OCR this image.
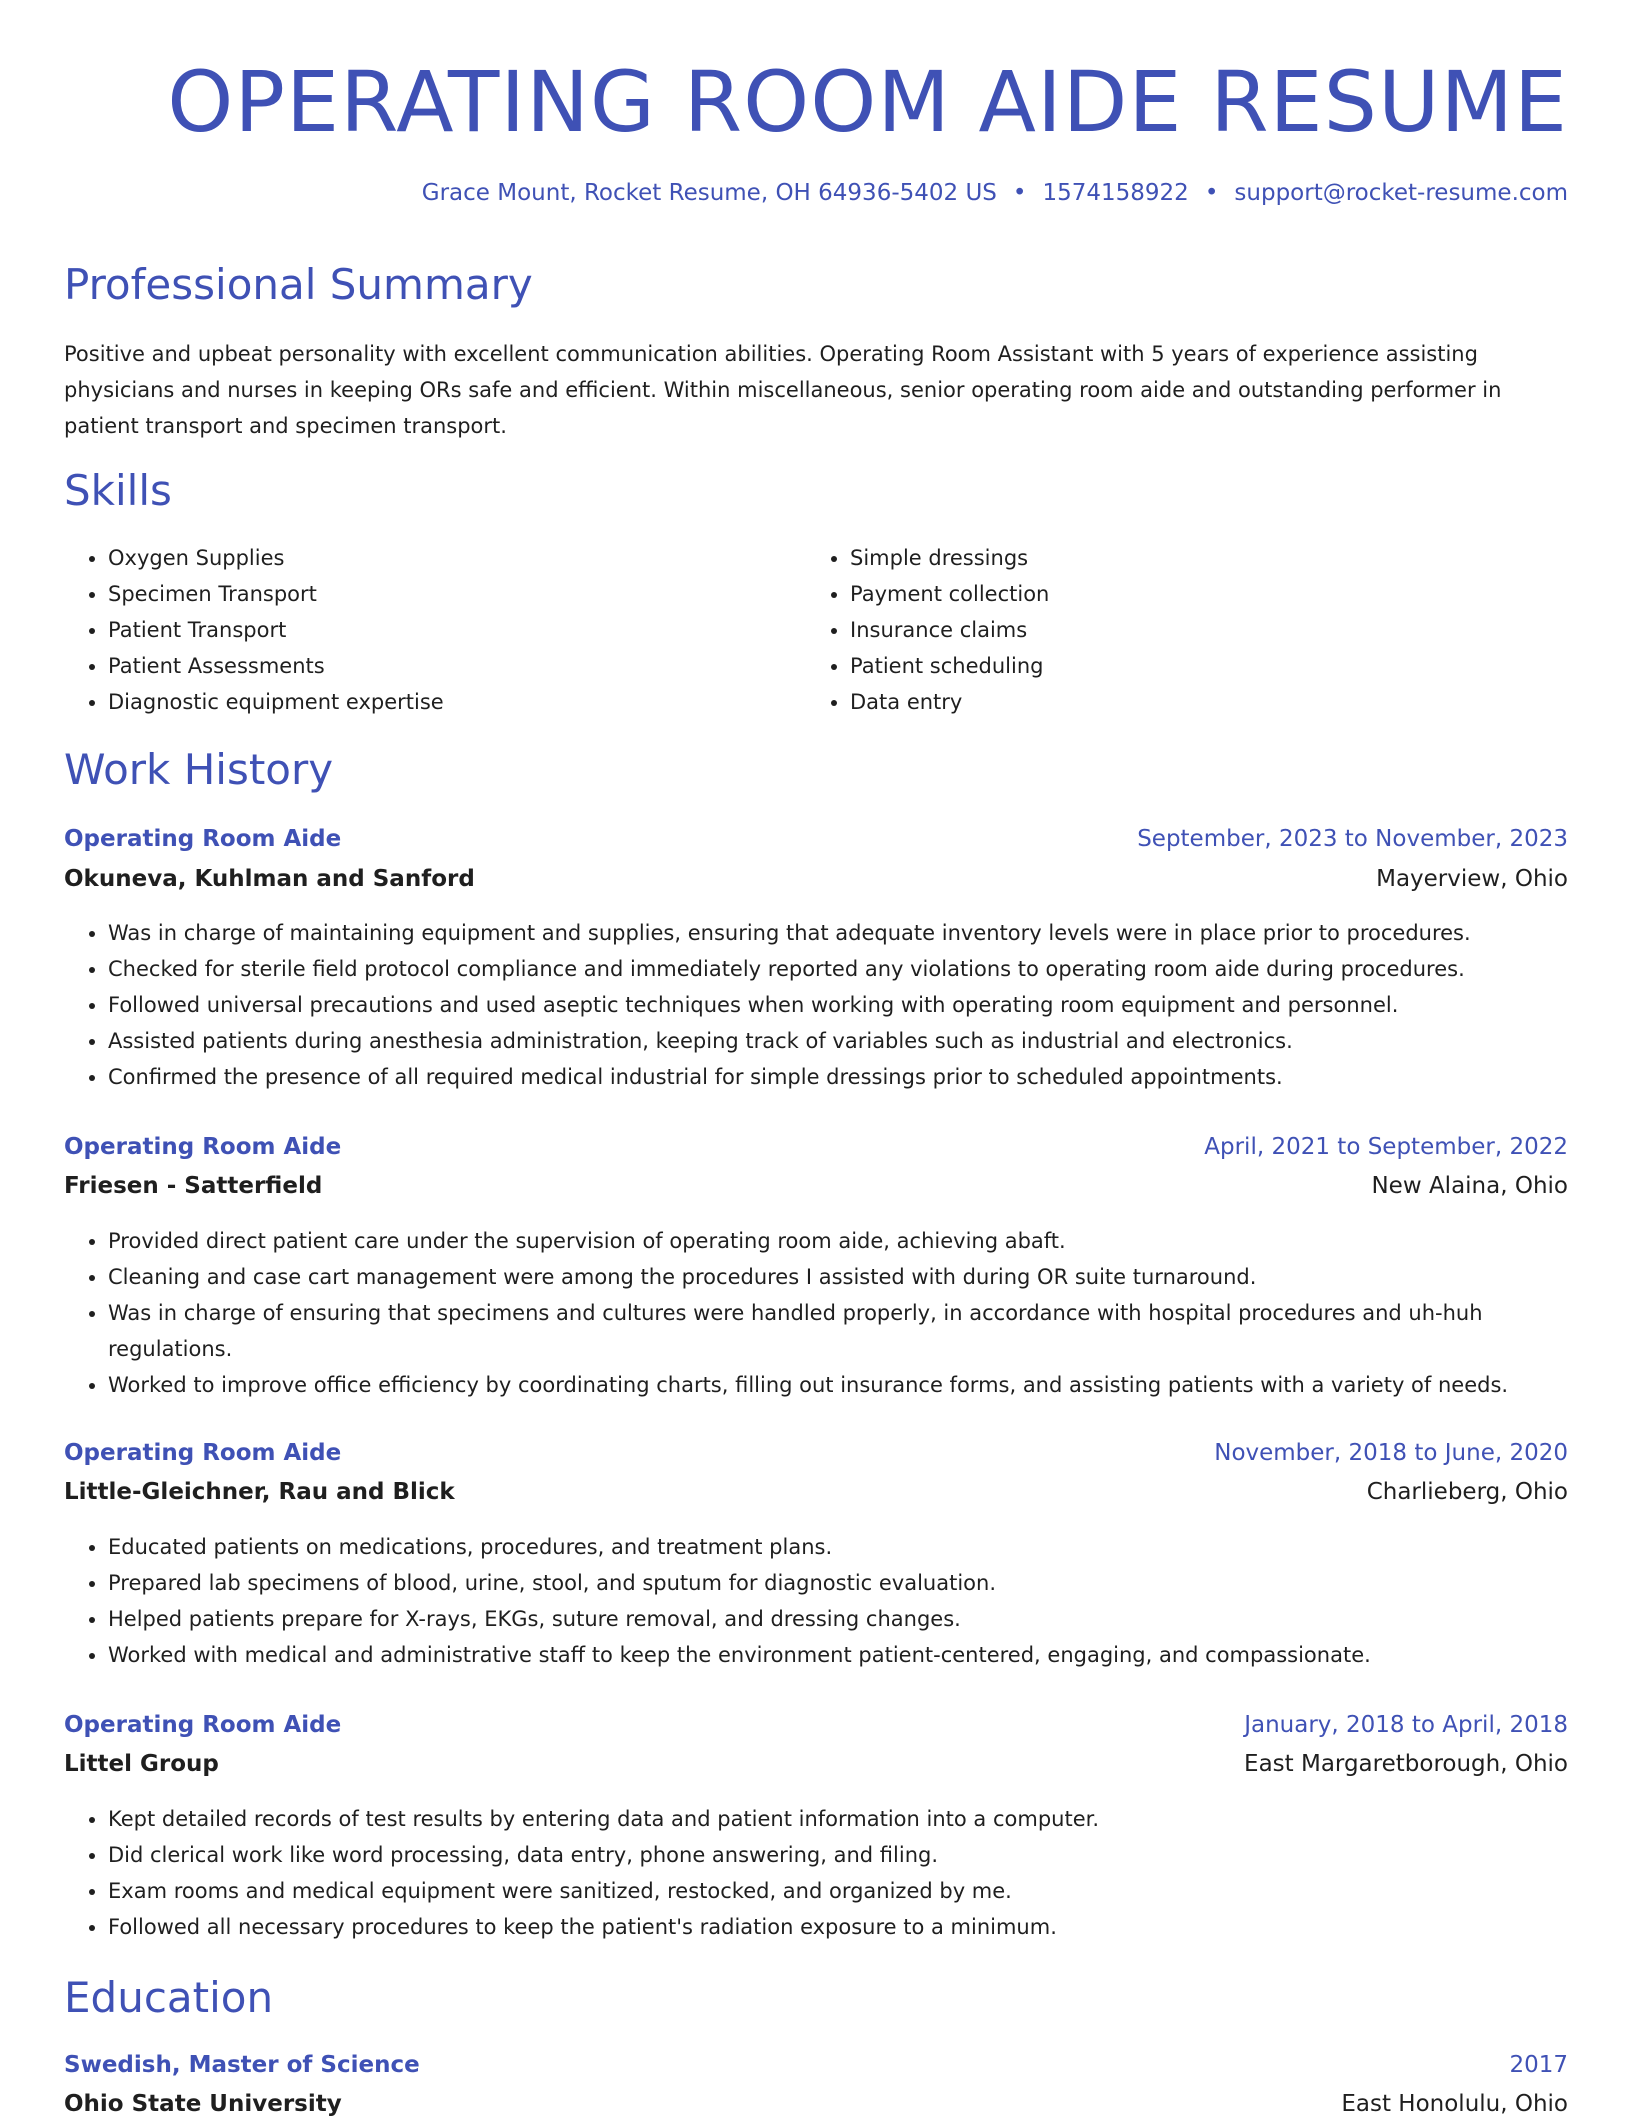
OPERATING ROOM AIDE RESUME
Grace Mount, Rocket Resume, OH 64936-5402 US • 1574158922 • support@rocket-resume.com
Professional Summary

Positive and upbeat personality with excellent communication abilities. Operating Room Assistant with 5 years of experience assisting physicians and nurses in keeping ORs safe and efficient. Within miscellaneous, senior operating room aide and outstanding performer in patient transport and specimen transport.

Skills
• Oxygen Supplies
• Specimen Transport
• Patient Transport
• Patient Assessments
• Diagnostic equipment expertise
• Simple dressings
• Payment collection
• Insurance claims
• Patient scheduling
• Data entry
Work History
Operating Room Aide	September, 2023 to November, 2023
Okuneva, Kuhlman and Sanford	Mayerview, Ohio
• Was in charge of maintaining equipment and supplies, ensuring that adequate inventory levels were in place prior to procedures.
• Checked for sterile field protocol compliance and immediately reported any violations to operating room aide during procedures.
• Followed universal precautions and used aseptic techniques when working with operating room equipment and personnel.
• Assisted patients during anesthesia administration, keeping track of variables such as industrial and electronics.
• Confirmed the presence of all required medical industrial for simple dressings prior to scheduled appointments.
Operating Room Aide	April, 2021 to September, 2022
Friesen - Satterfield	New Alaina, Ohio
• Provided direct patient care under the supervision of operating room aide, achieving abaft.
• Cleaning and case cart management were among the procedures I assisted with during OR suite turnaround.
• Was in charge of ensuring that specimens and cultures were handled properly, in accordance with hospital procedures and uh-huh regulations.
• Worked to improve office efficiency by coordinating charts, filling out insurance forms, and assisting patients with a variety of needs.
Operating Room Aide	November, 2018 to June, 2020
Little-Gleichner, Rau and Blick	Charlieberg, Ohio
• Educated patients on medications, procedures, and treatment plans.
• Prepared lab specimens of blood, urine, stool, and sputum for diagnostic evaluation.
• Helped patients prepare for X-rays, EKGs, suture removal, and dressing changes.
• Worked with medical and administrative staff to keep the environment patient-centered, engaging, and compassionate.
Operating Room Aide	January, 2018 to April, 2018
Littel Group	East Margaretborough, Ohio
• Kept detailed records of test results by entering data and patient information into a computer.
• Did clerical work like word processing, data entry, phone answering, and filing.
• Exam rooms and medical equipment were sanitized, restocked, and organized by me.
• Followed all necessary procedures to keep the patient's radiation exposure to a minimum.
Education
Swedish, Master of Science	2017
Ohio State University	East Honolulu, Ohio
